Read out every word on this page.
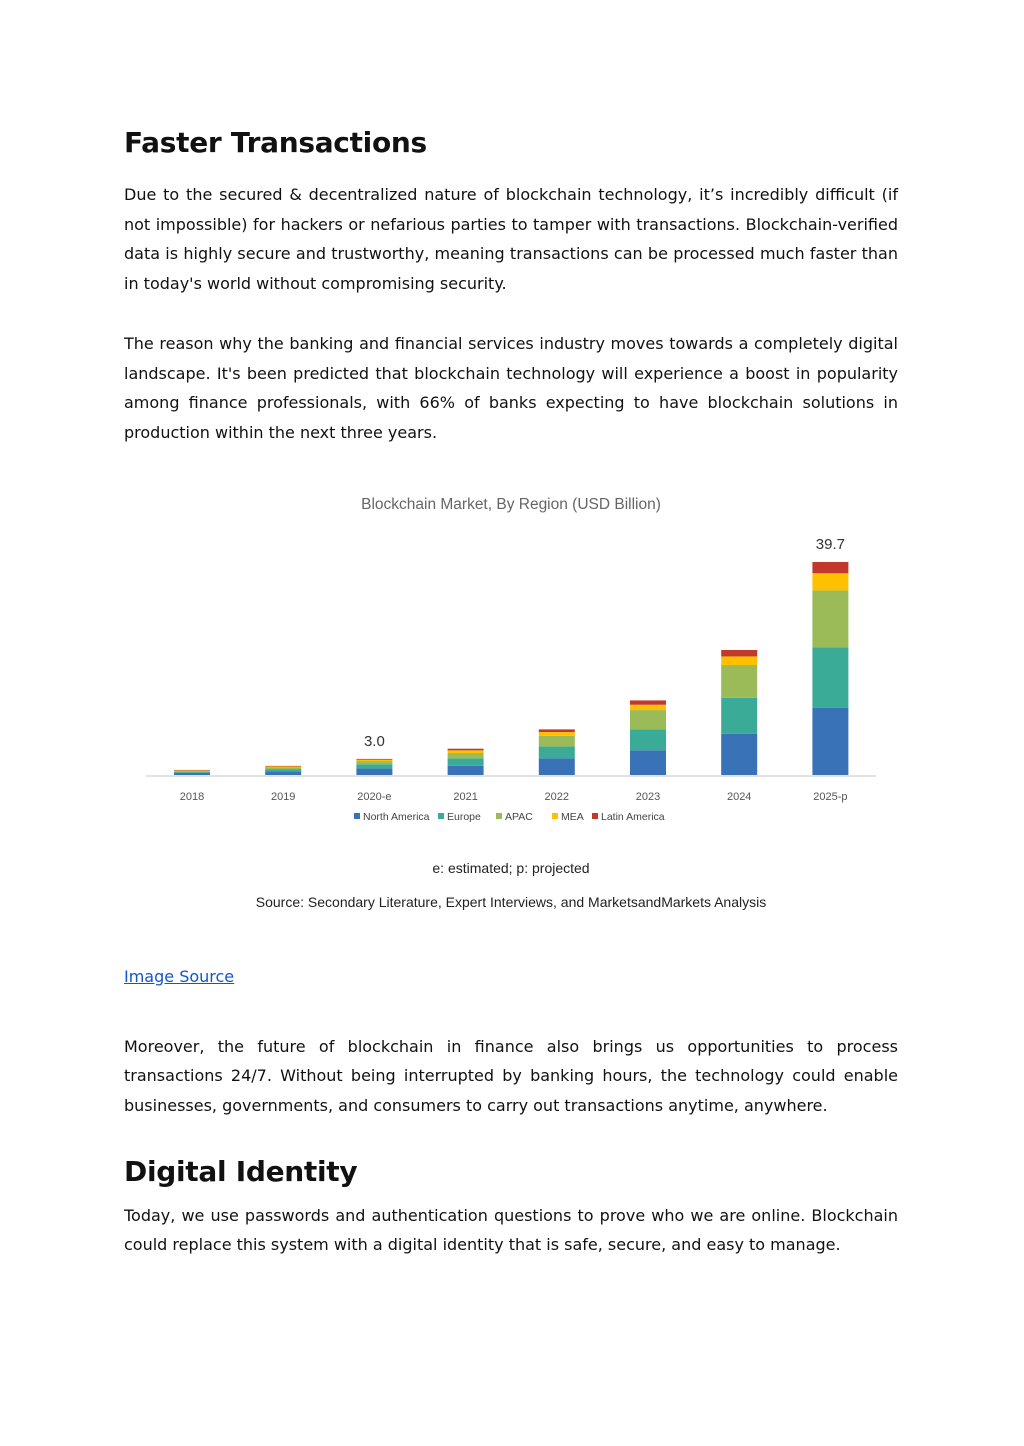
Faster Transactions

Due to the secured & decentralized nature of blockchain technology, it’s incredibly difficult (if not impossible) for hackers or nefarious parties to tamper with transactions. Blockchain-verified data is highly secure and trustworthy, meaning transactions can be processed much faster than in today's world without compromising security.

The reason why the banking and financial services industry moves towards a completely digital landscape. It's been predicted that blockchain technology will experience a boost in popularity among finance professionals, with 66% of banks expecting to have blockchain solutions in production within the next three years.

Blockchain Market, By Region (USD Billion)
2018	2019	2020-e	2021	2022	2023	2024	2025-p
3.0
39.7
North America Europe APAC	MEA Latin America
e: estimated; p: projected
Source: Secondary Literature, Expert Interviews, and MarketsandMarkets Analysis
Image Source

Moreover, the future of blockchain in finance also brings us opportunities to process transactions 24/7. Without being interrupted by banking hours, the technology could enable businesses, governments, and consumers to carry out transactions anytime, anywhere.

Digital Identity

Today, we use passwords and authentication questions to prove who we are online. Blockchain could replace this system with a digital identity that is safe, secure, and easy to manage.
